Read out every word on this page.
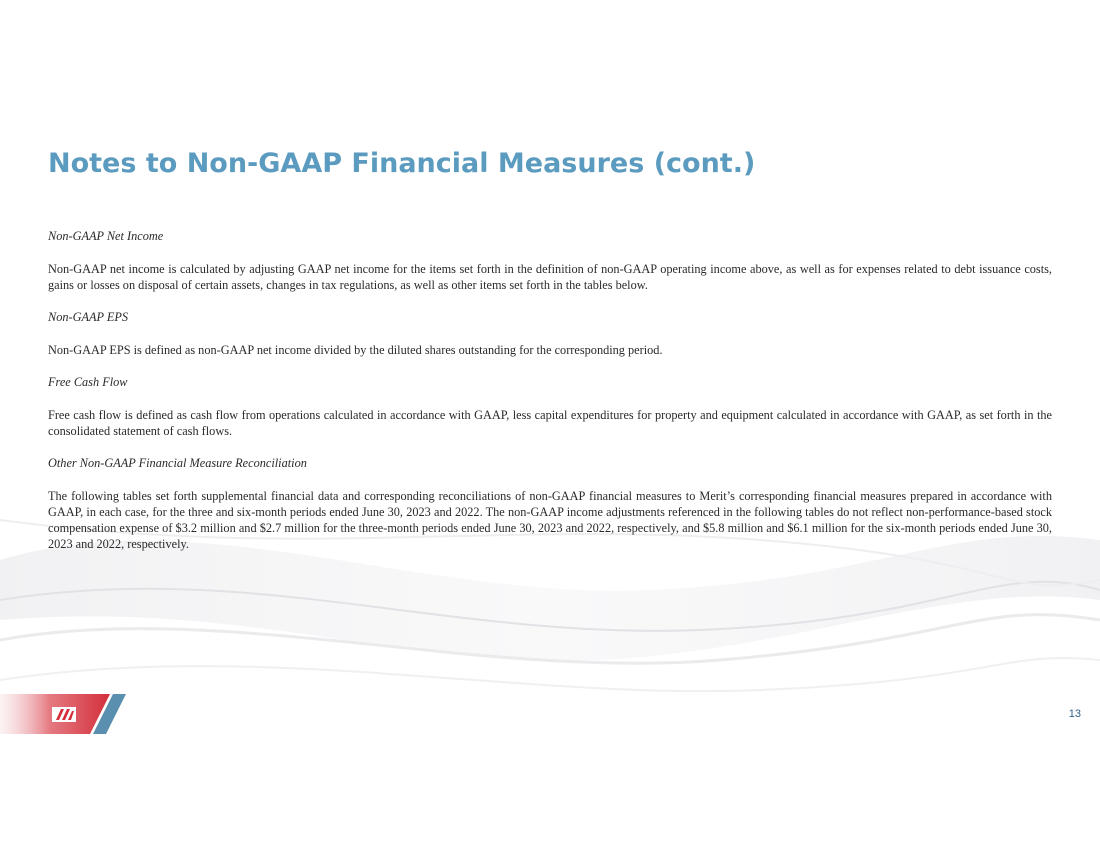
Notes to Non-GAAP Financial Measures (cont.)

Non-GAAP Net Income

Non-GAAP net income is calculated by adjusting GAAP net income for the items set forth in the definition of non-GAAP operating income above, as well as for expenses related to debt issuance costs, gains or losses on disposal of certain assets, changes in tax regulations, as well as other items set forth in the tables below.

Non-GAAP EPS

Non-GAAP EPS is defined as non-GAAP net income divided by the diluted shares outstanding for the corresponding period.

Free Cash Flow

Free cash flow is defined as cash flow from operations calculated in accordance with GAAP, less capital expenditures for property and equipment calculated in accordance with GAAP, as set forth in the consolidated statement of cash flows.

Other Non-GAAP Financial Measure Reconciliation

The following tables set forth supplemental financial data and corresponding reconciliations of non-GAAP financial measures to Merit’s corresponding financial measures prepared in accordance with GAAP, in each case, for the three and six-month periods ended June 30, 2023 and 2022. The non-GAAP income adjustments referenced in the following tables do not reflect non-performance-based stock compensation expense of $3.2 million and $2.7 million for the three-month periods ended June 30, 2023 and 2022, respectively, and $5.8 million and $6.1 million for the six-month periods ended June 30, 2023 and 2022, respectively.

13
